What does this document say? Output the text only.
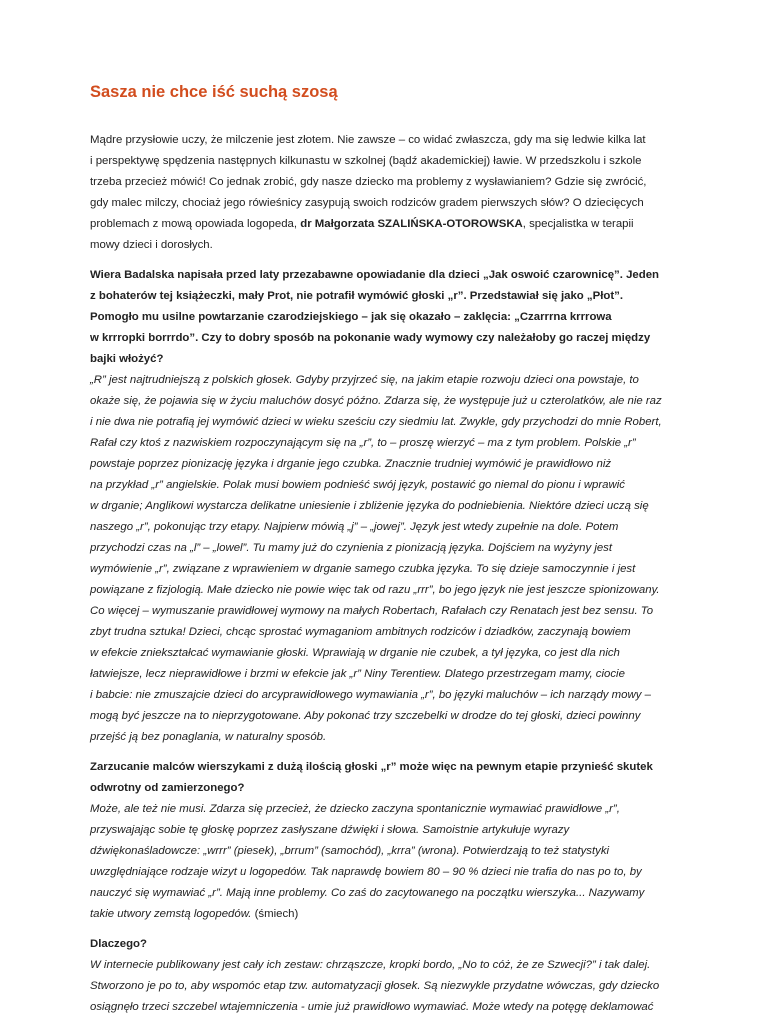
Sasza nie chce iść suchą szosą

Mądre przysłowie uczy, że milczenie jest złotem. Nie zawsze – co widać zwłaszcza, gdy ma się ledwie kilka lat
i perspektywę spędzenia następnych kilkunastu w szkolnej (bądź akademickiej) ławie. W przedszkolu i szkole
trzeba przecież mówić! Co jednak zrobić, gdy nasze dziecko ma problemy z wysławianiem? Gdzie się zwrócić,
gdy malec milczy, chociaż jego rówieśnicy zasypują swoich rodziców gradem pierwszych słów? O dziecięcych
problemach z mową opowiada logopeda, dr Małgorzata SZALIŃSKA-OTOROWSKA, specjalistka w terapii
mowy dzieci i dorosłych.

Wiera Badalska napisała przed laty przezabawne opowiadanie dla dzieci „Jak oswoić czarownicę”. Jeden
z bohaterów tej książeczki, mały Prot, nie potrafił wymówić głoski „r”. Przedstawiał się jako „Płot”.
Pomogło mu usilne powtarzanie czarodziejskiego – jak się okazało – zaklęcia: „Czarrrna krrrowa
w krrropki borrrdo”. Czy to dobry sposób na pokonanie wady wymowy czy należałoby go raczej między
bajki włożyć?

„R” jest najtrudniejszą z polskich głosek. Gdyby przyjrzeć się, na jakim etapie rozwoju dzieci ona powstaje, to
okaże się, że pojawia się w życiu maluchów dosyć późno. Zdarza się, że występuje już u czterolatków, ale nie raz
i nie dwa nie potrafią jej wymówić dzieci w wieku sześciu czy siedmiu lat. Zwykle, gdy przychodzi do mnie Robert,
Rafał czy ktoś z nazwiskiem rozpoczynającym się na „r”, to – proszę wierzyć – ma z tym problem. Polskie „r”
powstaje poprzez pionizację języka i drganie jego czubka. Znacznie trudniej wymówić je prawidłowo niż
na przykład „r” angielskie. Polak musi bowiem podnieść swój język, postawić go niemal do pionu i wprawić
w drganie; Anglikowi wystarcza delikatne uniesienie i zbliżenie języka do podniebienia. Niektóre dzieci uczą się
naszego „r”, pokonując trzy etapy. Najpierw mówią „j” – „jowej”. Język jest wtedy zupełnie na dole. Potem
przychodzi czas na „l” – „lowel”. Tu mamy już do czynienia z pionizacją języka. Dojściem na wyżyny jest
wymówienie „r”, związane z wprawieniem w drganie samego czubka języka. To się dzieje samoczynnie i jest
powiązane z fizjologią. Małe dziecko nie powie więc tak od razu „rrr”, bo jego język nie jest jeszcze spionizowany.
Co więcej – wymuszanie prawidłowej wymowy na małych Robertach, Rafałach czy Renatach jest bez sensu. To
zbyt trudna sztuka! Dzieci, chcąc sprostać wymaganiom ambitnych rodziców i dziadków, zaczynają bowiem
w efekcie zniekształcać wymawianie głoski. Wprawiają w drganie nie czubek, a tył języka, co jest dla nich
łatwiejsze, lecz nieprawidłowe i brzmi w efekcie jak „r” Niny Terentiew. Dlatego przestrzegam mamy, ciocie
i babcie: nie zmuszajcie dzieci do arcyprawidłowego wymawiania „r”, bo języki maluchów – ich narządy mowy –
mogą być jeszcze na to nieprzygotowane. Aby pokonać trzy szczebelki w drodze do tej głoski, dzieci powinny
przejść ją bez ponaglania, w naturalny sposób.

Zarzucanie malców wierszykami z dużą ilością głoski „r” może więc na pewnym etapie przynieść skutek
odwrotny od zamierzonego?

Może, ale też nie musi. Zdarza się przecież, że dziecko zaczyna spontanicznie wymawiać prawidłowe „r”,
przyswajając sobie tę głoskę poprzez zasłyszane dźwięki i słowa. Samoistnie artykułuje wyrazy
dźwiękonaśladowcze: „wrrr” (piesek), „brrum” (samochód), „krra” (wrona). Potwierdzają to też statystyki
uwzględniające rodzaje wizyt u logopedów. Tak naprawdę bowiem 80 – 90 % dzieci nie trafia do nas po to, by
nauczyć się wymawiać „r”. Mają inne problemy. Co zaś do zacytowanego na początku wierszyka... Nazywamy
takie utwory zemstą logopedów. (śmiech)

Dlaczego?

W internecie publikowany jest cały ich zestaw: chrząszcze, kropki bordo, „No to cóż, że ze Szwecji?” i tak dalej.
Stworzono je po to, aby wspomóc etap tzw. automatyzacji głosek. Są niezwykle przydatne wówczas, gdy dziecko
osiągnęło trzeci szczebel wtajemniczenia - umie już prawidłowo wymawiać. Może wtedy na potęgę deklamować
